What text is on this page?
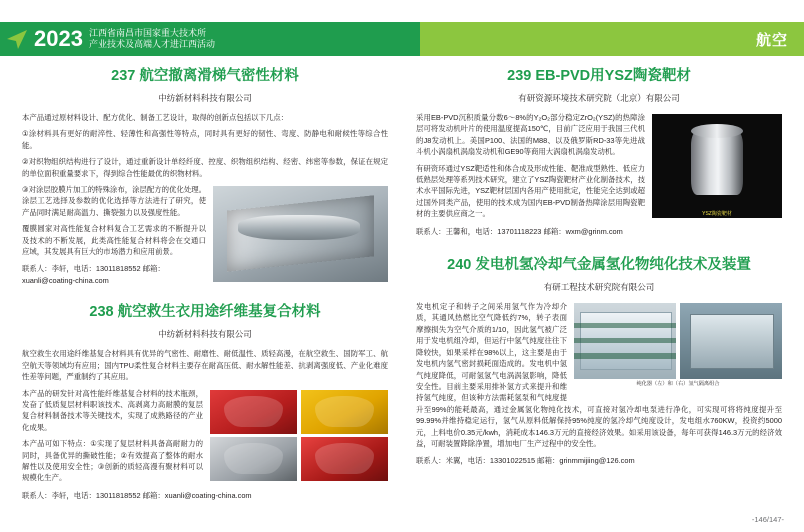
2023 江西省南昌市国家重大技术所
产业技术及高端人才进江西活动	航空
237 航空撤离滑梯气密性材料
中纺新材料科技有限公司

本产品通过原材料设计、配方优化、制备工艺设计，取得的创新点包括以下几点：

①涂材料具有更好的耐淬性、轻薄性和高强性等特点，同时具有更好的韧性、弯度、防静电和耐候性等综合性能。

②对织物组织结构进行了设计，通过重新设计单经纤度、控度、织物组织结构、经密、纬密等参数，保证在规定的单位面积重量要求下，得到综合性能最优的织物材料。

③对涂层胶膜片加工的特殊涂布，涂层配方的优化处理。涂层工艺选择及参数的优化选择等方法进行了研究，使产品同时满足耐高温力、撕裂强力以及强度性能。

覆膜圆家对高性能复合材料复合工艺需求的不断提升以及技术的不断发展，此类高性能复合材料将会在交通口应域，其发展具有巨大的市场潜力和应用前景。

联系人：李轩，电话：13011818552 邮箱：xuanli@coating-china.com
238 航空救生衣用途纤维基复合材料
中纺新材料科技有限公司

航空救生衣用途纤维基复合材料具有优异的气密性、耐磨性、耐低温性、质轻高漫，在航空救生、国防军工、航空航天等领域均有应用；国内TPU柔性复合材料主要存在耐高压低、耐水解性能差、抗剥离强度低、产业化难度性差等问题，严重制约了其应用。

本产品的研发针对高性能纤维基复合材料的技术瓶颈，发奋了低质复层材料职该技术、高剥离力高耐膜的复层复合材料制备技术等关键技术，实现了成熟路径的产业化成果。

本产品可如下特点：①实现了复层材料具备高耐耐力的同时，具备优异的撕破性能；②有效提高了整体的耐水解性以及使用安全性；③创新的质轻高漫有聚材料可以规模化生产。

联系人：李轩，电话：13011818552 邮箱：xuanli@coating-china.com
239 EB-PVD用YSZ陶瓷靶材
有研资源环境技术研究院（北京）有限公司
YSZ陶瓷靶材

采用EB-PVD沉积质量分数6～8%的Y₂O₂部分稳定ZrO₂(YSZ)的热障涂层可将发动机叶片的使用温度提高150℃，目前广泛应用于我国三代机的J8发动机上。美国P100、法国的M88、以及俄罗斯RD-33等先进战斗机小涡扇机涡扇发动机和GE90等商用大涡扇机涡扇发动机。

有研资环通过YSZ靶适性和体合成及形成性能、靶准成型熟性、低应力低熟层处理等系列技术研究，建立了YSZ陶瓷靶材产业化制备技术，技术水平国际先进，YSZ靶材层国内各用产使用批定，性能完全达到或超过国外同类产品，使用的技术成为国内EB-PVD制备热障涂层用陶瓷靶材的主要供应商之一。

联系人：王馨和，电话：13701118223 邮箱：wxm@grinm.com
240 发电机氢冷却气金属氢化物纯化技术及装置
有研工程技术研究院有限公司
纯化器（左）和（右）氢气隔离组合

发电机定子和转子之间采用氢气作为冷却介质，其通风热燃比空气降低约7%，转子表面摩擦损失为空气介质的1/10，因此氢气被广泛用于发电机组冷却，但运行中氢气纯度往往下降较快，如果采样在98%以上，这主要是由于发电机内氢气密封损耗面造成的。发电机中氢气纯度降低，可耐氢氢气电涡涡氢影响，降低安全性。目前主要采用排补氢方式来提升和维持氢气纯度，但该种方法需耗氢泵和气纯度提升至99%的能耗最高，通过金属氢化物纯化技术，可直接对氢冷却电泵进行净化，可实现可将将纯度提升至99.99%并维持稳定运行，氢气从原料低解保持95%纯度的氢冷却气纯度设计，发电组水760KW，投资约5000元，上料电价0.35元/kwh，消耗成本146.3万元的直接经济效果。如采用该设备，每年可获得146.3万元的经济效益，可耐装置降除净置，增加电厂生产过程中的安全性。

联系人：米翼，电话：13301022515 邮箱：grinmmijiing@126.com
-146/147-
